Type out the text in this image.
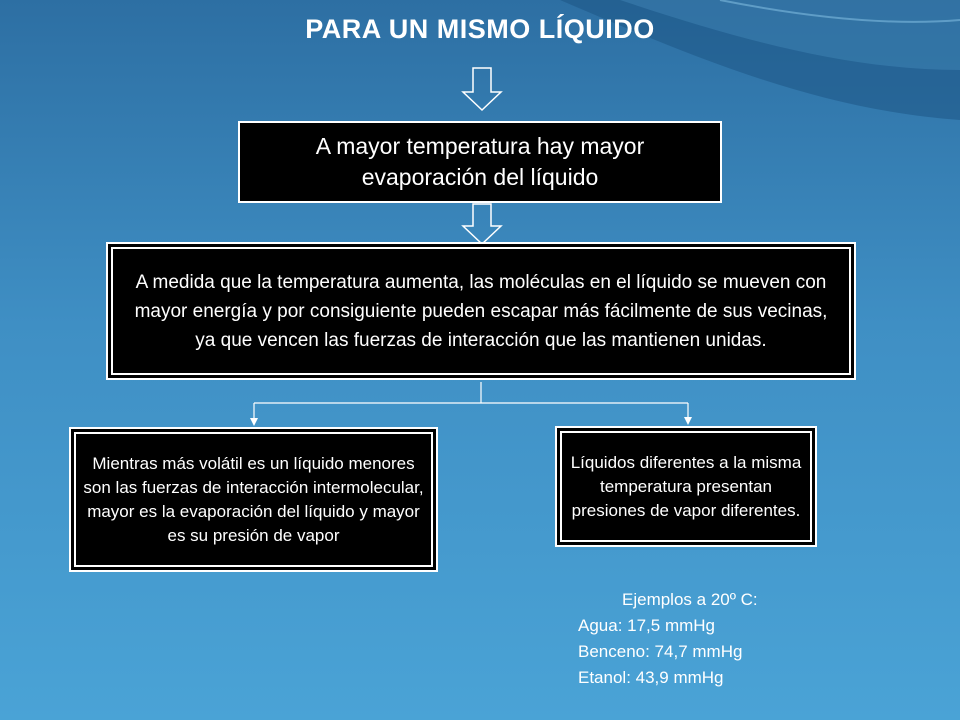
PARA UN MISMO LÍQUIDO
A mayor temperatura hay mayor evaporación del líquido
A medida que la temperatura aumenta, las moléculas en el líquido se mueven con mayor energía y por consiguiente pueden escapar más fácilmente de sus vecinas, ya que vencen las fuerzas de interacción que las mantienen unidas.
Mientras más volátil es un líquido menores son las fuerzas de interacción intermolecular, mayor es la evaporación del líquido y mayor es su presión de vapor
Líquidos diferentes a la misma temperatura presentan presiones de vapor diferentes.
Ejemplos a 20º C:
Agua: 17,5 mmHg
Benceno: 74,7 mmHg
Etanol: 43,9 mmHg
